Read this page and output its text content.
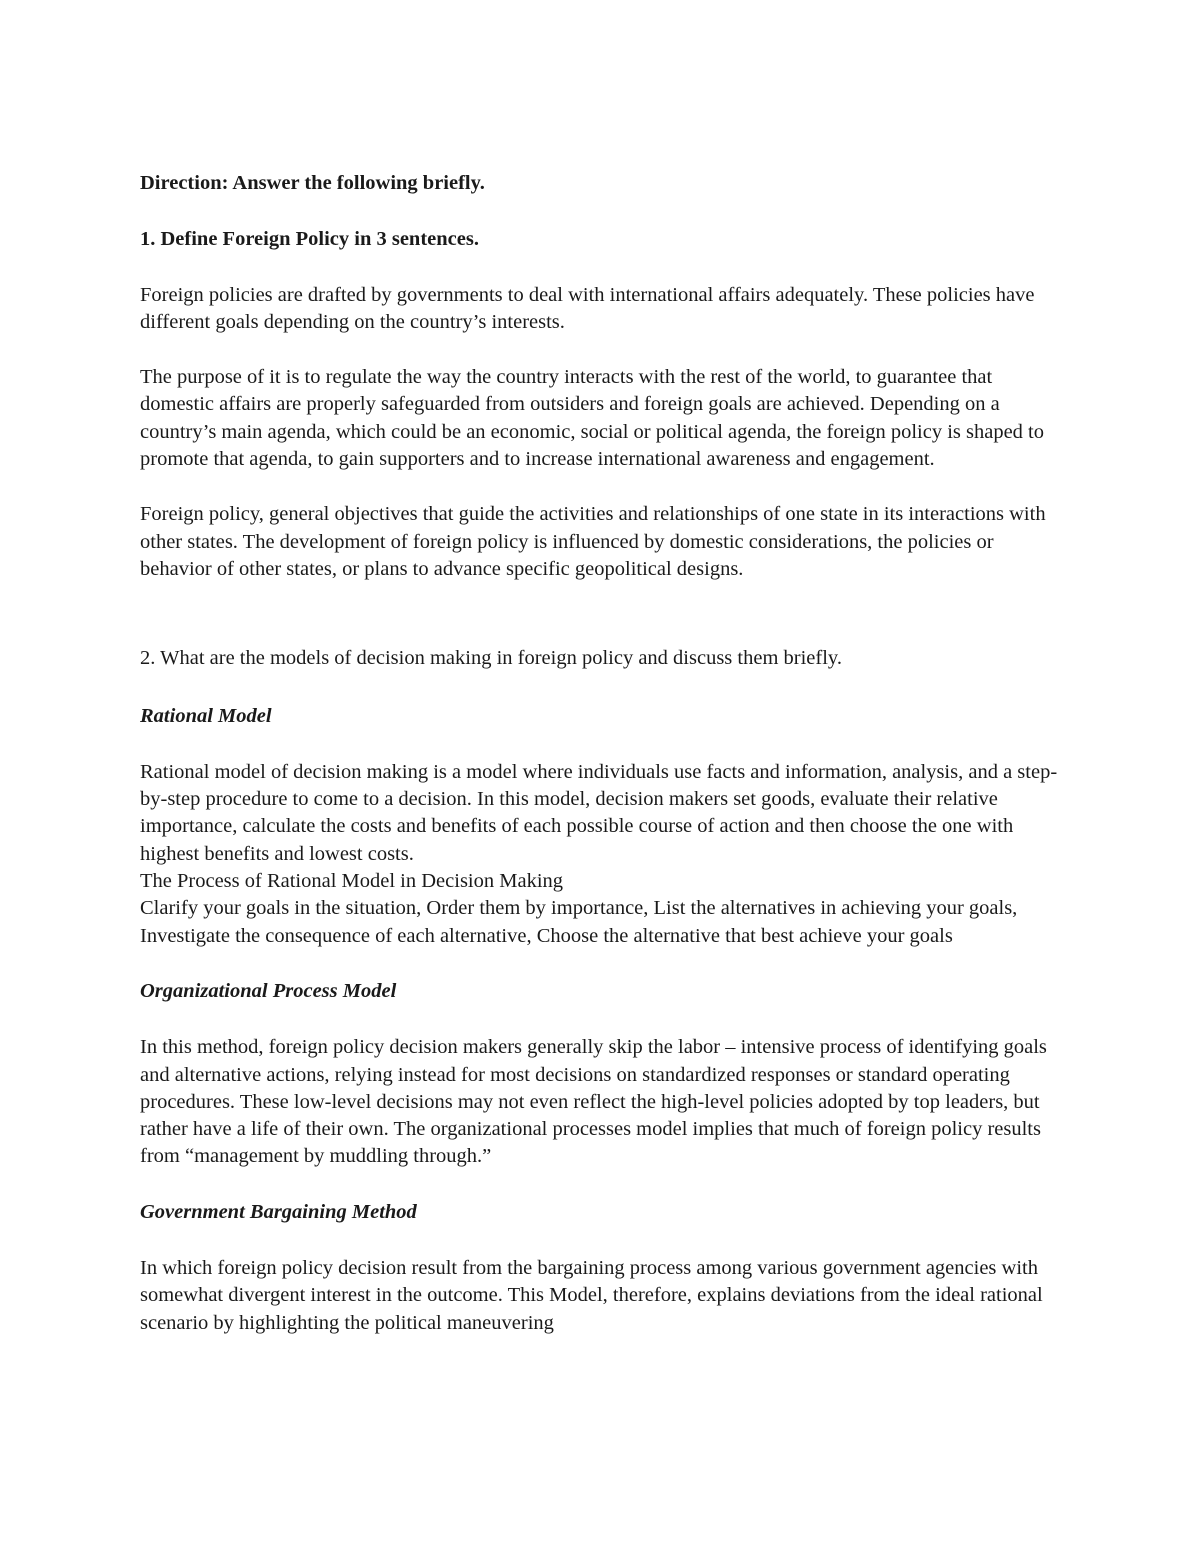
Direction: Answer the following briefly.

1. Define Foreign Policy in 3 sentences.

Foreign policies are drafted by governments to deal with international affairs adequately. These policies have different goals depending on the country’s interests.

The purpose of it is to regulate the way the country interacts with the rest of the world, to guarantee that domestic affairs are properly safeguarded from outsiders and foreign goals are achieved. Depending on a country’s main agenda, which could be an economic, social or political agenda, the foreign policy is shaped to promote that agenda, to gain supporters and to increase international awareness and engagement.

Foreign policy, general objectives that guide the activities and relationships of one state in its interactions with other states. The development of foreign policy is influenced by domestic considerations, the policies or behavior of other states, or plans to advance specific geopolitical designs.

2. What are the models of decision making in foreign policy and discuss them briefly.

Rational Model

Rational model of decision making is a model where individuals use facts and information, analysis, and a step-by-step procedure to come to a decision. In this model, decision makers set goods, evaluate their relative importance, calculate the costs and benefits of each possible course of action and then choose the one with highest benefits and lowest costs.

The Process of Rational Model in Decision Making

Clarify your goals in the situation, Order them by importance, List the alternatives in achieving your goals, Investigate the consequence of each alternative, Choose the alternative that best achieve your goals

Organizational Process Model

In this method, foreign policy decision makers generally skip the labor – intensive process of identifying goals and alternative actions, relying instead for most decisions on standardized responses or standard operating procedures. These low-level decisions may not even reflect the high-level policies adopted by top leaders, but rather have a life of their own. The organizational processes model implies that much of foreign policy results from “management by muddling through.”

Government Bargaining Method

In which foreign policy decision result from the bargaining process among various government agencies with somewhat divergent interest in the outcome. This Model, therefore, explains deviations from the ideal rational scenario by highlighting the political maneuvering
